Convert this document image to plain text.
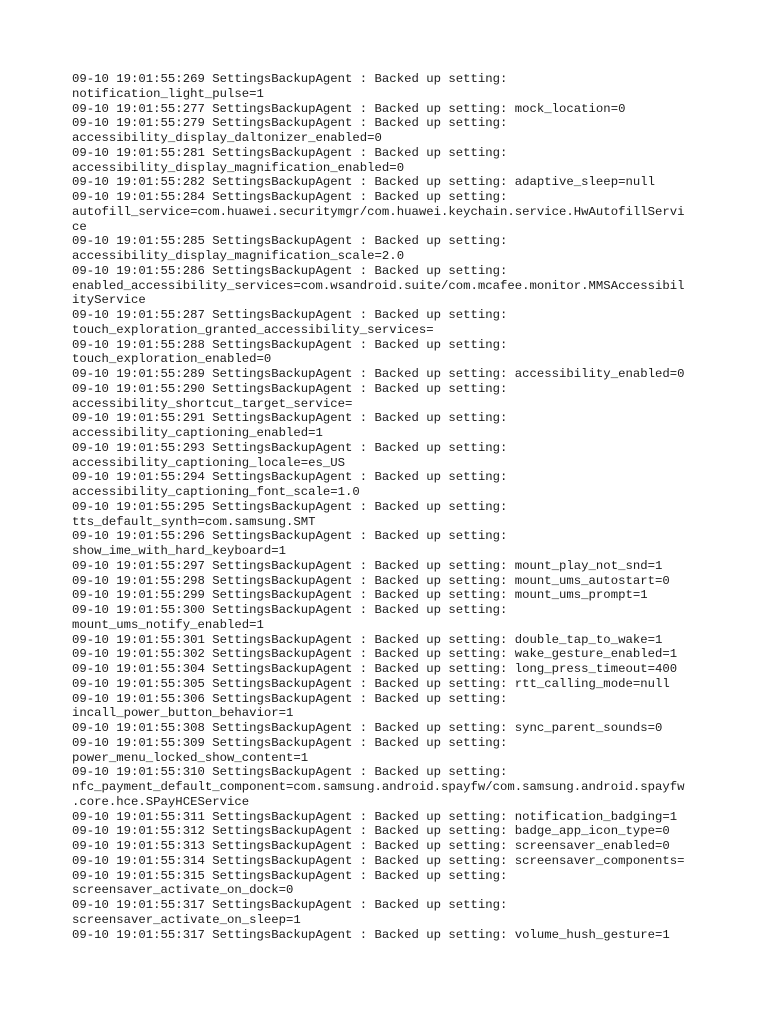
09-10 19:01:55:269 SettingsBackupAgent : Backed up setting:
notification_light_pulse=1
09-10 19:01:55:277 SettingsBackupAgent : Backed up setting: mock_location=0
09-10 19:01:55:279 SettingsBackupAgent : Backed up setting:
accessibility_display_daltonizer_enabled=0
09-10 19:01:55:281 SettingsBackupAgent : Backed up setting:
accessibility_display_magnification_enabled=0
09-10 19:01:55:282 SettingsBackupAgent : Backed up setting: adaptive_sleep=null
09-10 19:01:55:284 SettingsBackupAgent : Backed up setting:
autofill_service=com.huawei.securitymgr/com.huawei.keychain.service.HwAutofillServi
ce
09-10 19:01:55:285 SettingsBackupAgent : Backed up setting:
accessibility_display_magnification_scale=2.0
09-10 19:01:55:286 SettingsBackupAgent : Backed up setting:
enabled_accessibility_services=com.wsandroid.suite/com.mcafee.monitor.MMSAccessibil
ityService
09-10 19:01:55:287 SettingsBackupAgent : Backed up setting:
touch_exploration_granted_accessibility_services=
09-10 19:01:55:288 SettingsBackupAgent : Backed up setting:
touch_exploration_enabled=0
09-10 19:01:55:289 SettingsBackupAgent : Backed up setting: accessibility_enabled=0
09-10 19:01:55:290 SettingsBackupAgent : Backed up setting:
accessibility_shortcut_target_service=
09-10 19:01:55:291 SettingsBackupAgent : Backed up setting:
accessibility_captioning_enabled=1
09-10 19:01:55:293 SettingsBackupAgent : Backed up setting:
accessibility_captioning_locale=es_US
09-10 19:01:55:294 SettingsBackupAgent : Backed up setting:
accessibility_captioning_font_scale=1.0
09-10 19:01:55:295 SettingsBackupAgent : Backed up setting:
tts_default_synth=com.samsung.SMT
09-10 19:01:55:296 SettingsBackupAgent : Backed up setting:
show_ime_with_hard_keyboard=1
09-10 19:01:55:297 SettingsBackupAgent : Backed up setting: mount_play_not_snd=1
09-10 19:01:55:298 SettingsBackupAgent : Backed up setting: mount_ums_autostart=0
09-10 19:01:55:299 SettingsBackupAgent : Backed up setting: mount_ums_prompt=1
09-10 19:01:55:300 SettingsBackupAgent : Backed up setting:
mount_ums_notify_enabled=1
09-10 19:01:55:301 SettingsBackupAgent : Backed up setting: double_tap_to_wake=1
09-10 19:01:55:302 SettingsBackupAgent : Backed up setting: wake_gesture_enabled=1
09-10 19:01:55:304 SettingsBackupAgent : Backed up setting: long_press_timeout=400
09-10 19:01:55:305 SettingsBackupAgent : Backed up setting: rtt_calling_mode=null
09-10 19:01:55:306 SettingsBackupAgent : Backed up setting:
incall_power_button_behavior=1
09-10 19:01:55:308 SettingsBackupAgent : Backed up setting: sync_parent_sounds=0
09-10 19:01:55:309 SettingsBackupAgent : Backed up setting:
power_menu_locked_show_content=1
09-10 19:01:55:310 SettingsBackupAgent : Backed up setting:
nfc_payment_default_component=com.samsung.android.spayfw/com.samsung.android.spayfw
.core.hce.SPayHCEService
09-10 19:01:55:311 SettingsBackupAgent : Backed up setting: notification_badging=1
09-10 19:01:55:312 SettingsBackupAgent : Backed up setting: badge_app_icon_type=0
09-10 19:01:55:313 SettingsBackupAgent : Backed up setting: screensaver_enabled=0
09-10 19:01:55:314 SettingsBackupAgent : Backed up setting: screensaver_components=
09-10 19:01:55:315 SettingsBackupAgent : Backed up setting:
screensaver_activate_on_dock=0
09-10 19:01:55:317 SettingsBackupAgent : Backed up setting:
screensaver_activate_on_sleep=1
09-10 19:01:55:317 SettingsBackupAgent : Backed up setting: volume_hush_gesture=1
